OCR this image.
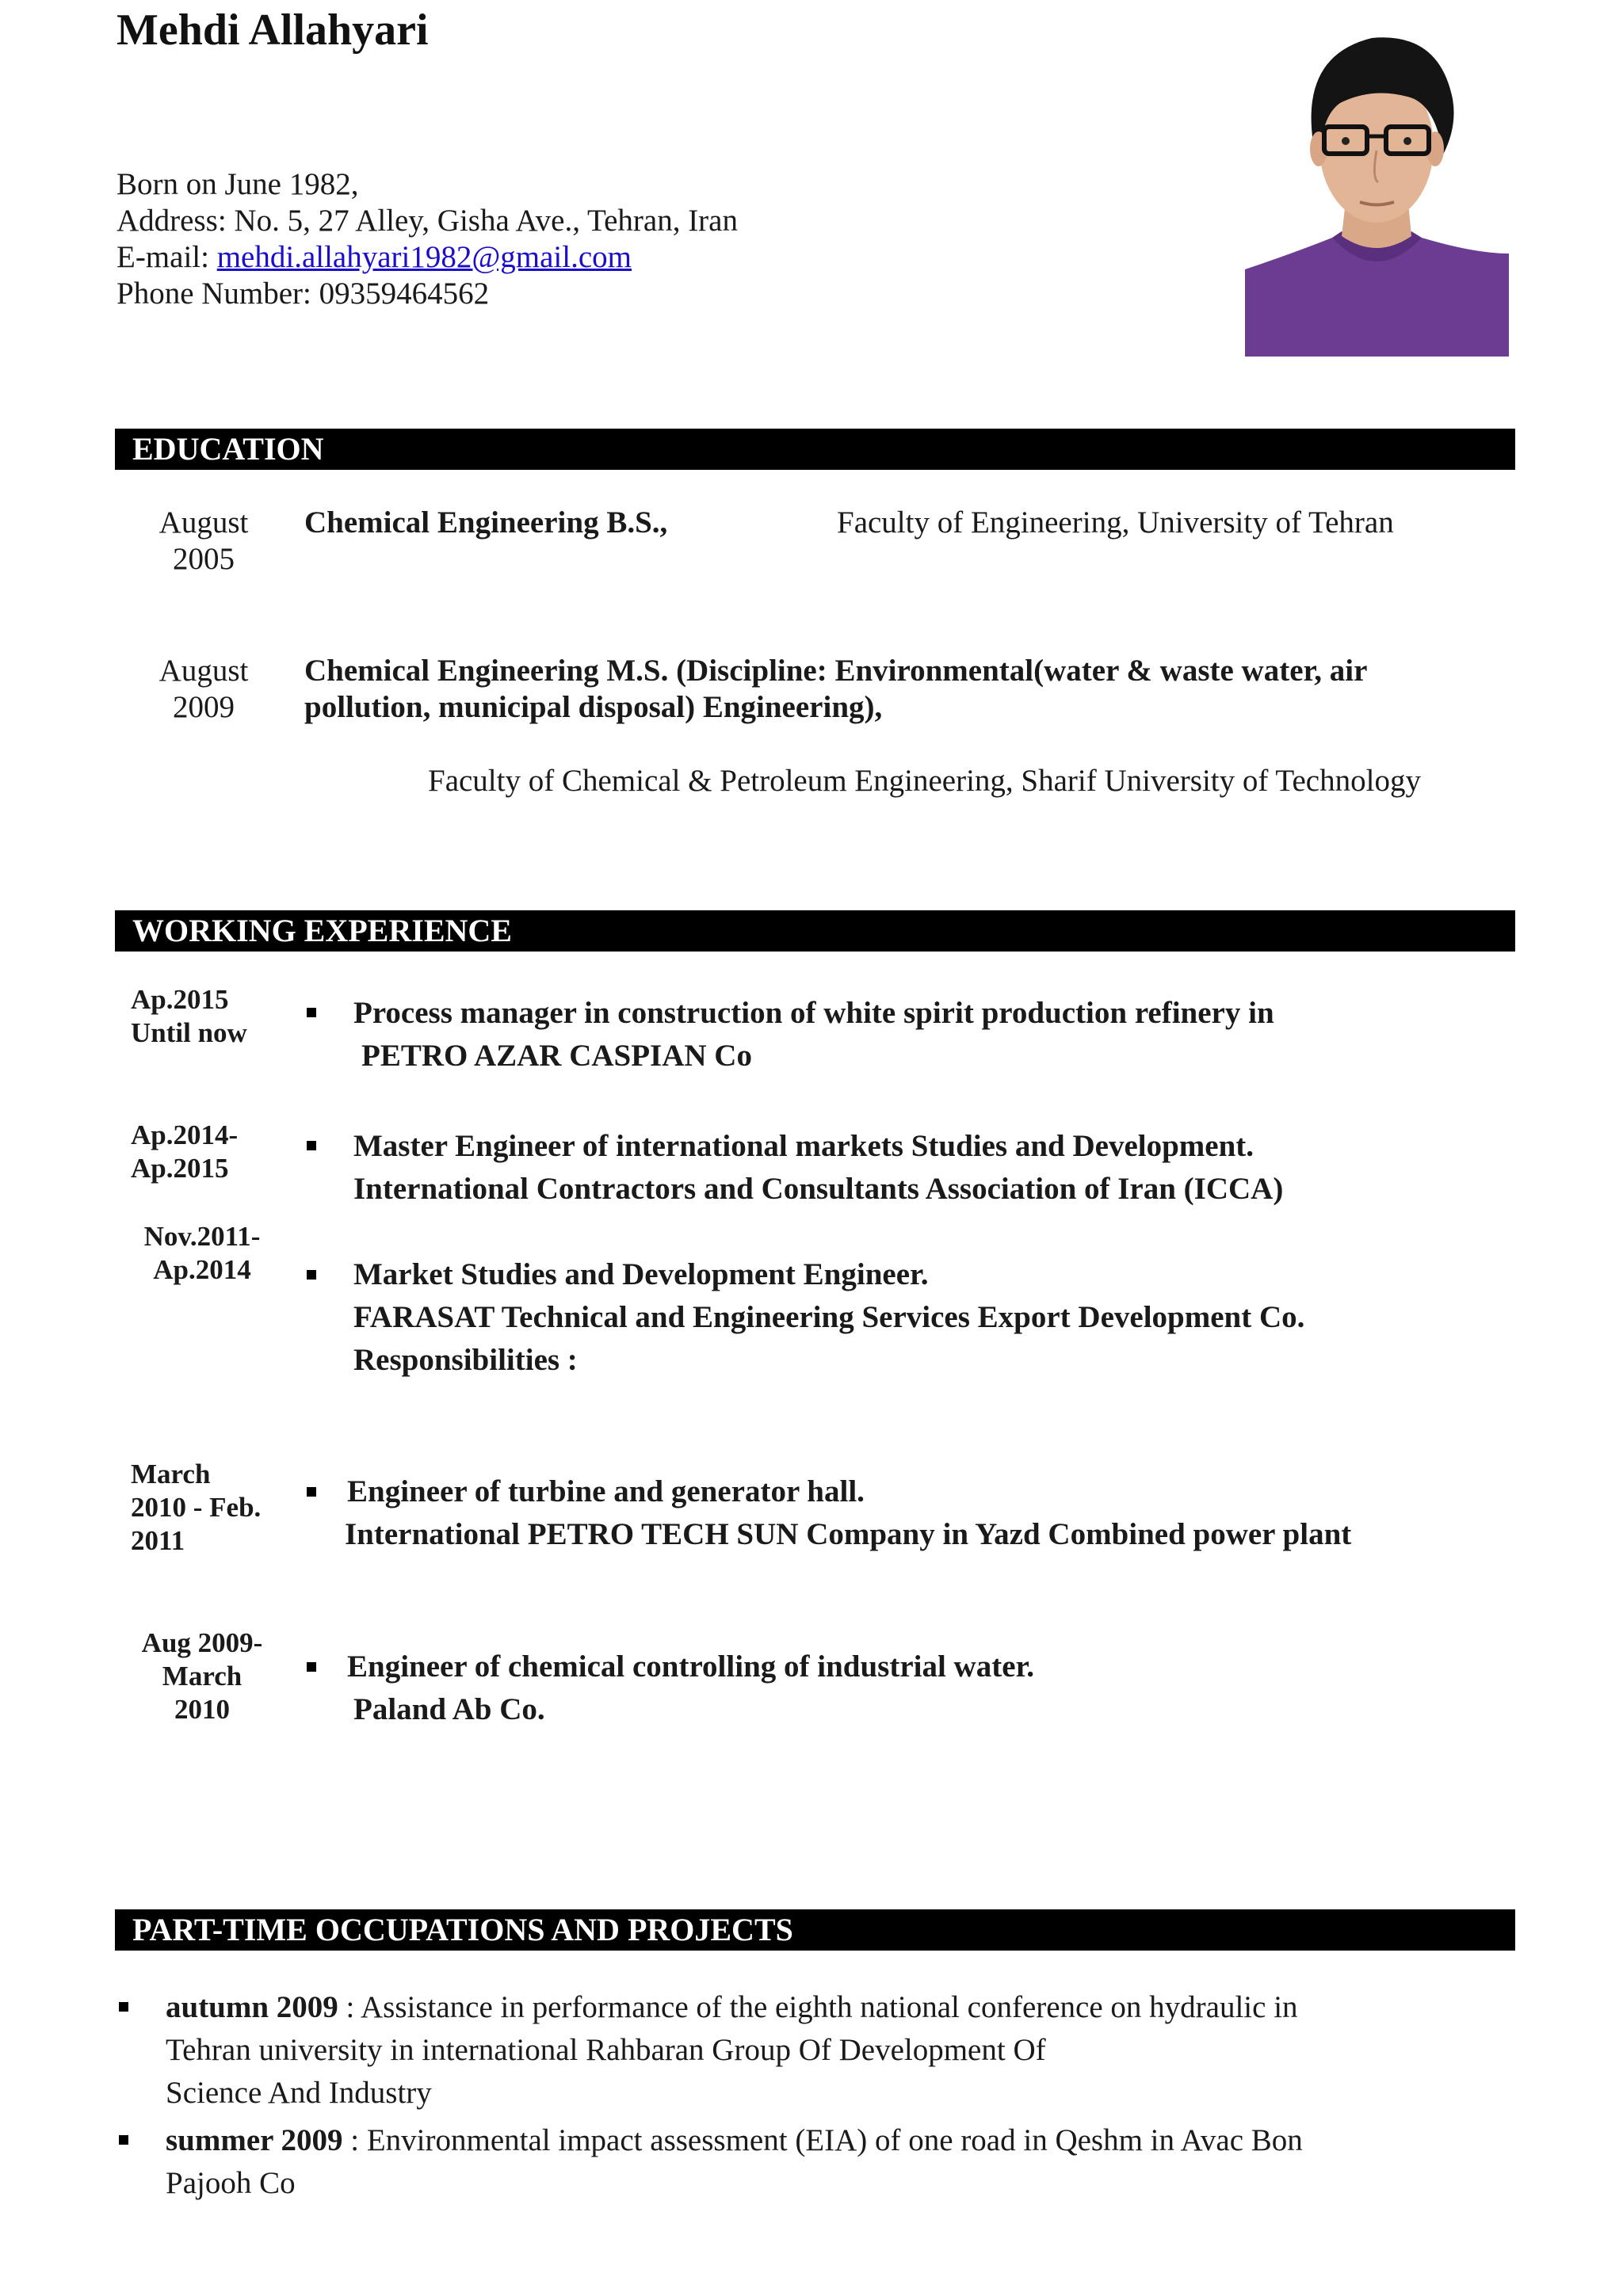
Mehdi Allahyari
Born on June 1982,
Address: No. 5, 27 Alley, Gisha Ave., Tehran, Iran
E-mail: mehdi.allahyari1982@gmail.com
Phone Number: 09359464562
EDUCATION
August
2005
Chemical Engineering B.S.,	Faculty of Engineering, University of Tehran
August
2009
Chemical Engineering M.S. (Discipline: Environmental(water & waste water, air
pollution, municipal disposal) Engineering),
Faculty of Chemical & Petroleum Engineering, Sharif University of Technology
WORKING EXPERIENCE
Ap.2015
Until now
Process manager in construction of white spirit production refinery in
PETRO AZAR CASPIAN Co
Ap.2014-
Ap.2015
Master Engineer of international markets Studies and Development.
International Contractors and Consultants Association of Iran (ICCA)
Nov.2011-
Ap.2014	Market Studies and Development Engineer.
FARASAT Technical and Engineering Services Export Development Co.
Responsibilities :
March
2010 - Feb.
2011
Engineer of turbine and generator hall.
International PETRO TECH SUN Company in Yazd Combined power plant
Aug 2009-
March
2010
Engineer of chemical controlling of industrial water.
Paland Ab Co.
PART-TIME OCCUPATIONS AND PROJECTS
autumn 2009 : Assistance in performance of the eighth national conference on hydraulic in
Tehran university in international Rahbaran Group Of Development Of
Science And Industry
summer 2009 : Environmental impact assessment (EIA) of one road in Qeshm in Avac Bon
Pajooh Co
